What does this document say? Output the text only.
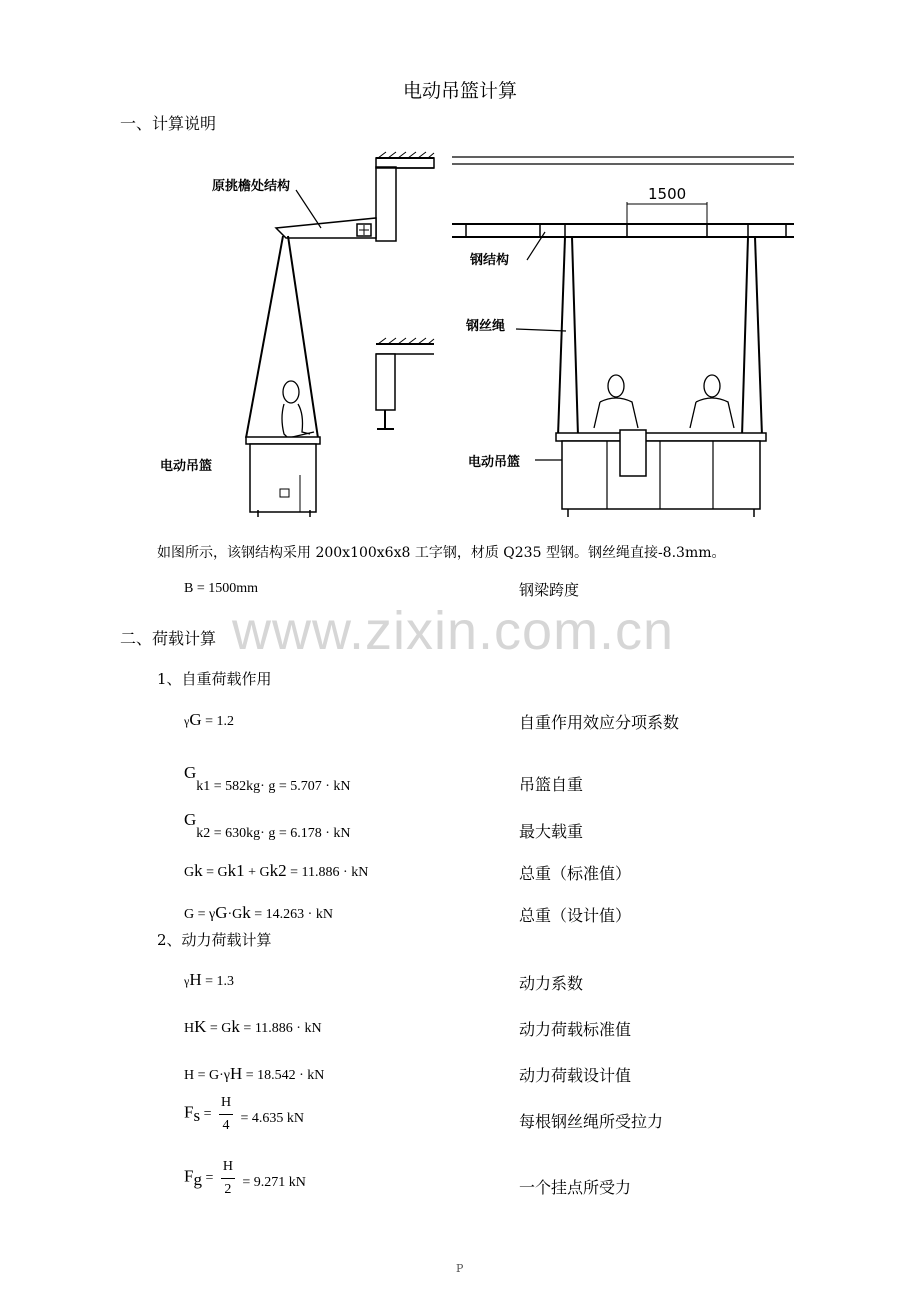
电动吊篮计算
一、计算说明
原挑檐处结构
电动吊篮
1500
钢结构
钢丝绳
电动吊篮
如图所示，该钢结构采用 200x100x6x8 工字钢，材质 Q235 型钢。钢丝绳直接-8.3mm。
B = 1500mm	钢梁跨度
www.zixin.com.cn
二、荷载计算
1、自重荷载作用
γG = 1.2	自重作用效应分项系数
Gk1 = 582kg· g = 5.707 · kN	吊篮自重
Gk2 = 630kg· g = 6.178 · kN	最大载重
Gk = Gk1 + Gk2 = 11.886 · kN	总重（标准值）
G = γG·Gk = 14.263 · kN	总重（设计值）
2、动力荷载计算
γH = 1.3	动力系数
HK = Gk = 11.886 · kN	动力荷载标准值
H = G·γH = 18.542 · kN	动力荷载设计值
$Fs = \frac{H}{4} = 4.635$ kN	每根钢丝绳所受拉力
$Fg = \frac{H}{2} = 9.271$ kN	一个挂点所受力
P
